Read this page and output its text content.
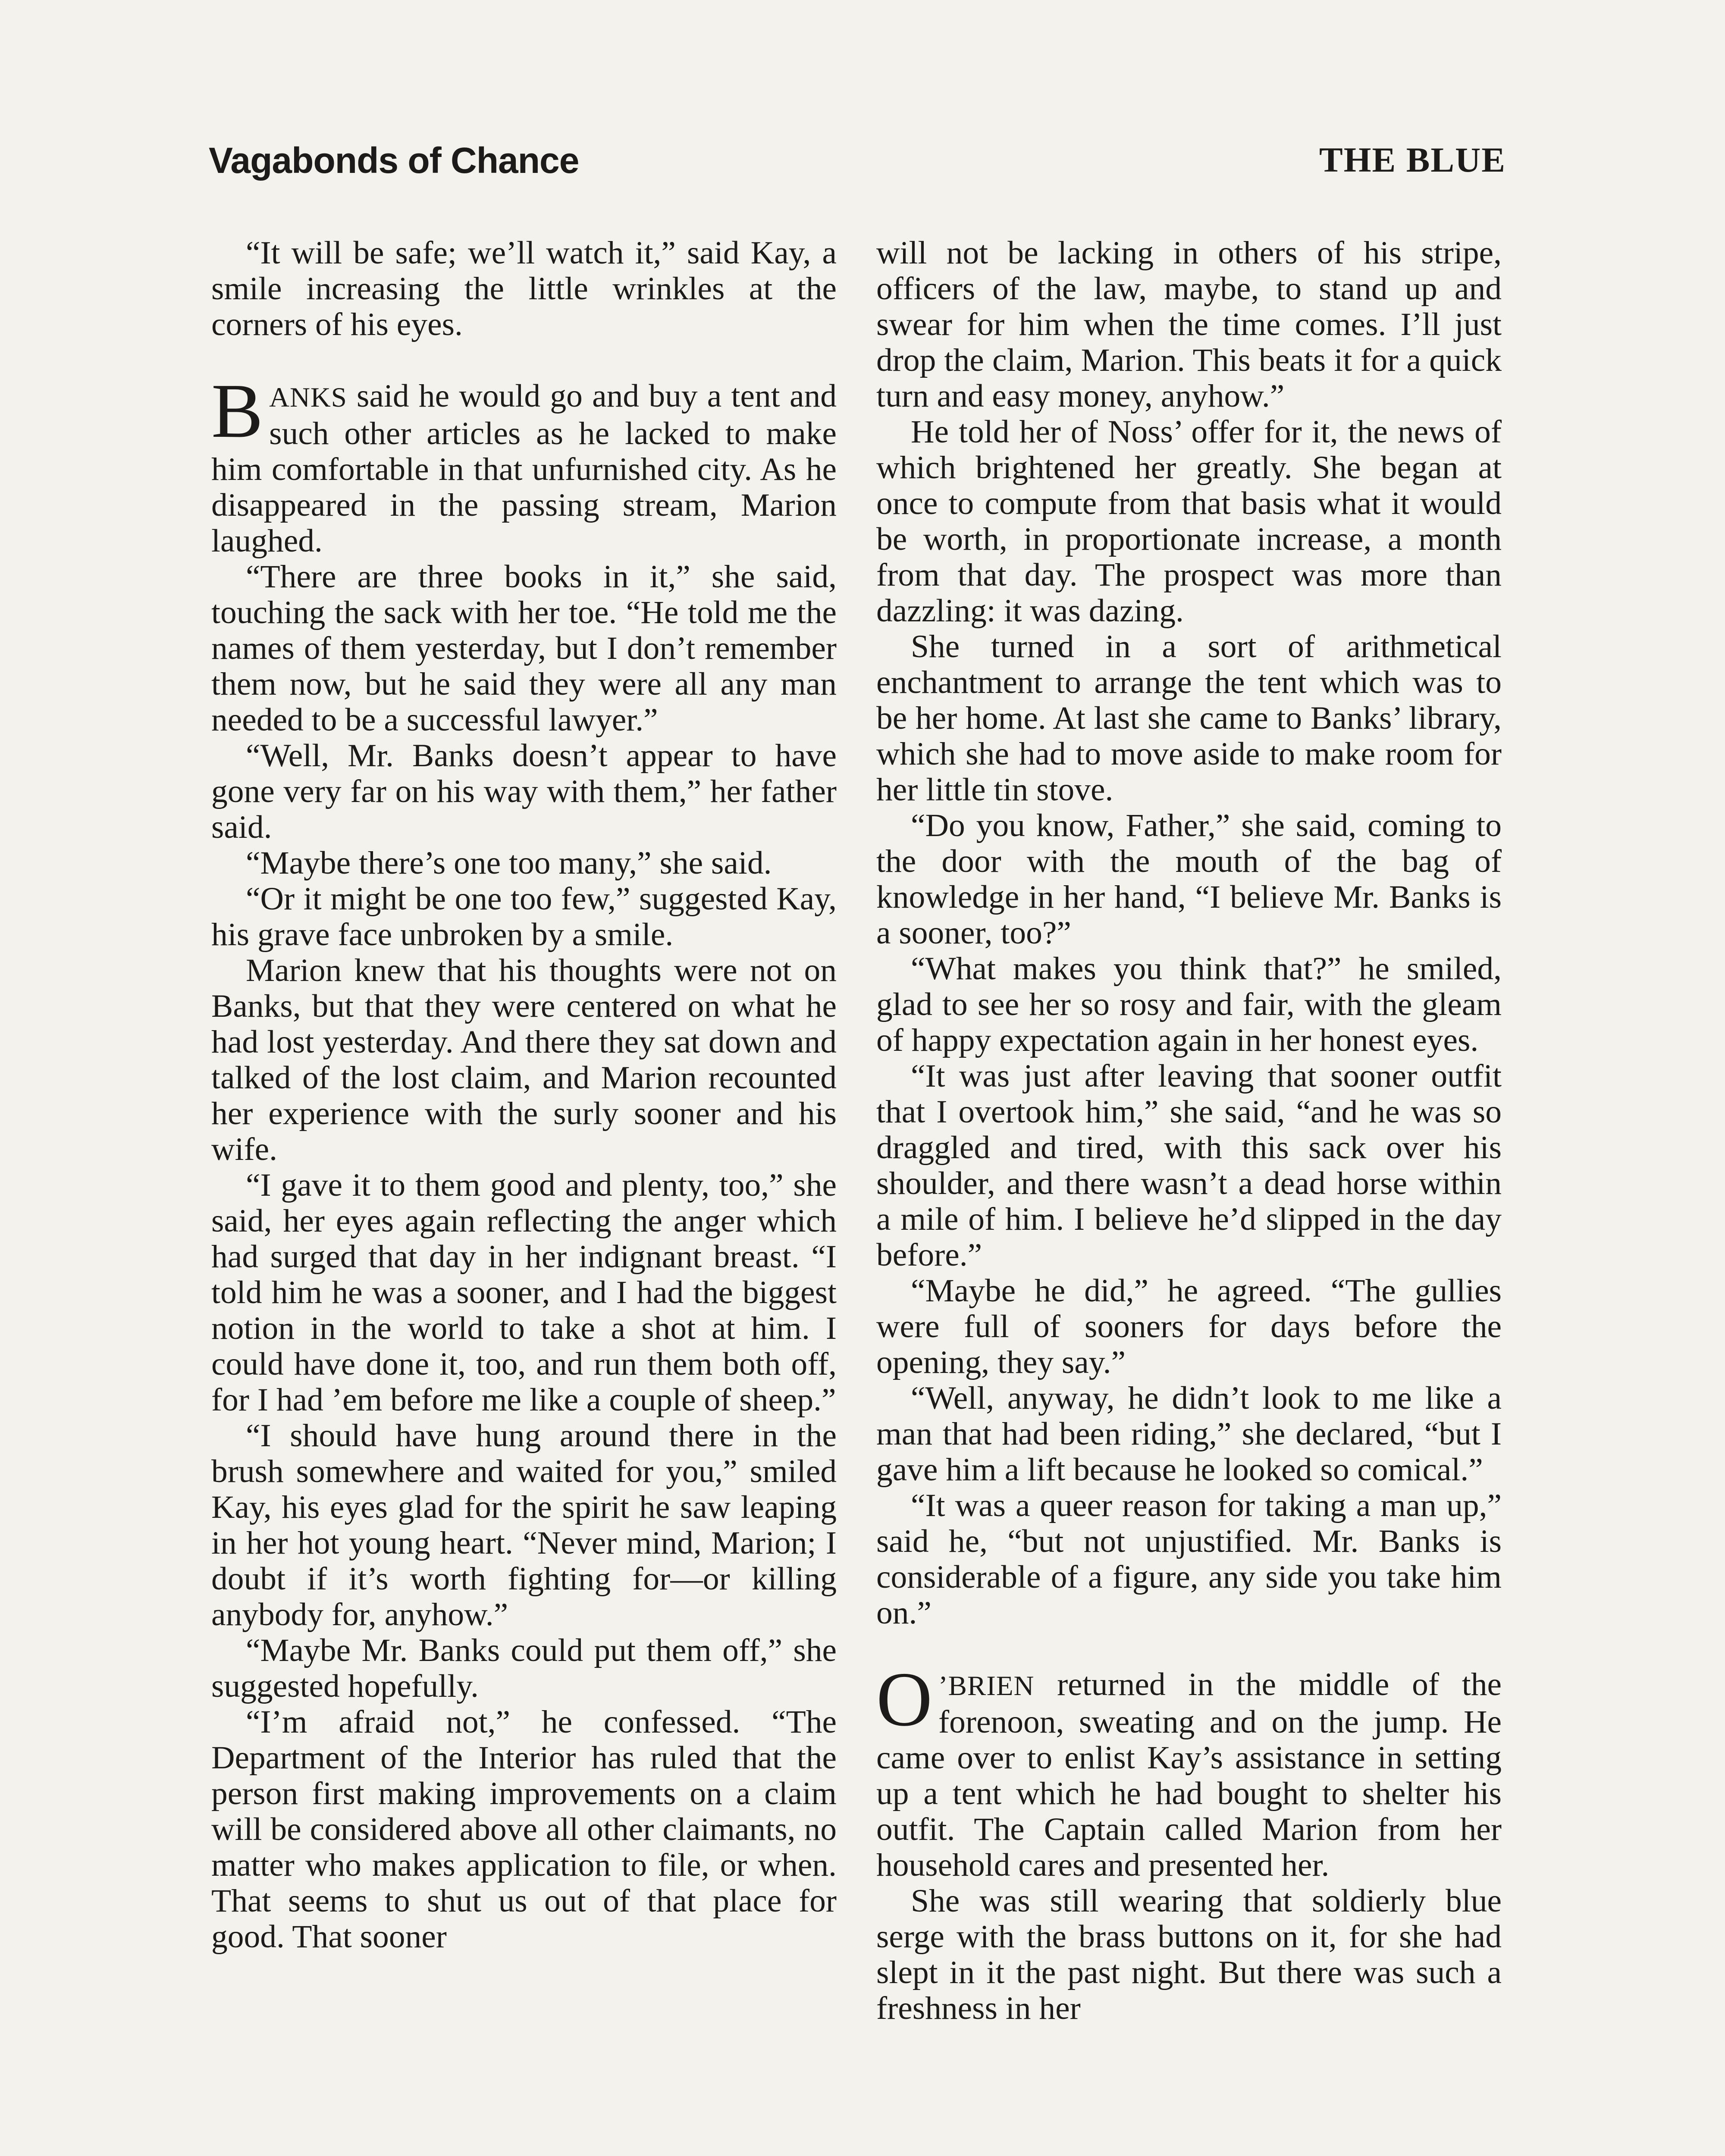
Vagabonds of Chance	THE BLUE

“It will be safe; we’ll watch it,” said Kay, a smile increasing the little wrinkles at the corners of his eyes.

BANKS said he would go and buy a tent and such other articles as he lacked to make him comfortable in that unfurnished city. As he disappeared in the passing stream, Marion laughed.

“There are three books in it,” she said, touching the sack with her toe. “He told me the names of them yesterday, but I don’t remember them now, but he said they were all any man needed to be a successful lawyer.”

“Well, Mr. Banks doesn’t appear to have gone very far on his way with them,” her father said.

“Maybe there’s one too many,” she said.

“Or it might be one too few,” suggested Kay, his grave face unbroken by a smile.

Marion knew that his thoughts were not on Banks, but that they were centered on what he had lost yesterday. And there they sat down and talked of the lost claim, and Marion recounted her experience with the surly sooner and his wife.

“I gave it to them good and plenty, too,” she said, her eyes again reflecting the anger which had surged that day in her indignant breast. “I told him he was a sooner, and I had the biggest notion in the world to take a shot at him. I could have done it, too, and run them both off, for I had ’em before me like a couple of sheep.”

“I should have hung around there in the brush somewhere and waited for you,” smiled Kay, his eyes glad for the spirit he saw leaping in her hot young heart. “Never mind, Marion; I doubt if it’s worth fighting for—or killing anybody for, anyhow.”

“Maybe Mr. Banks could put them off,” she suggested hopefully.

“I’m afraid not,” he confessed. “The Department of the Interior has ruled that the person first making improvements on a claim will be considered above all other claimants, no matter who makes application to file, or when. That seems to shut us out of that place for good. That sooner

will not be lacking in others of his stripe, officers of the law, maybe, to stand up and swear for him when the time comes. I’ll just drop the claim, Marion. This beats it for a quick turn and easy money, anyhow.”

He told her of Noss’ offer for it, the news of which brightened her greatly. She began at once to compute from that basis what it would be worth, in proportionate increase, a month from that day. The prospect was more than dazzling: it was dazing.

She turned in a sort of arithmetical enchantment to arrange the tent which was to be her home. At last she came to Banks’ library, which she had to move aside to make room for her little tin stove.

“Do you know, Father,” she said, coming to the door with the mouth of the bag of knowledge in her hand, “I believe Mr. Banks is a sooner, too?”

“What makes you think that?” he smiled, glad to see her so rosy and fair, with the gleam of happy expectation again in her honest eyes.

“It was just after leaving that sooner outfit that I overtook him,” she said, “and he was so draggled and tired, with this sack over his shoulder, and there wasn’t a dead horse within a mile of him. I believe he’d slipped in the day before.”

“Maybe he did,” he agreed. “The gullies were full of sooners for days before the opening, they say.”

“Well, anyway, he didn’t look to me like a man that had been riding,” she declared, “but I gave him a lift because he looked so comical.”

“It was a queer reason for taking a man up,” said he, “but not unjustified. Mr. Banks is considerable of a figure, any side you take him on.”

O ’BRIEN returned in the middle of the forenoon, sweating and on the jump. He came over to enlist Kay’s assistance in setting up a tent which he had bought to shelter his outfit. The Captain called Marion from her household cares and presented her.

She was still wearing that soldierly blue serge with the brass buttons on it, for she had slept in it the past night. But there was such a freshness in her
